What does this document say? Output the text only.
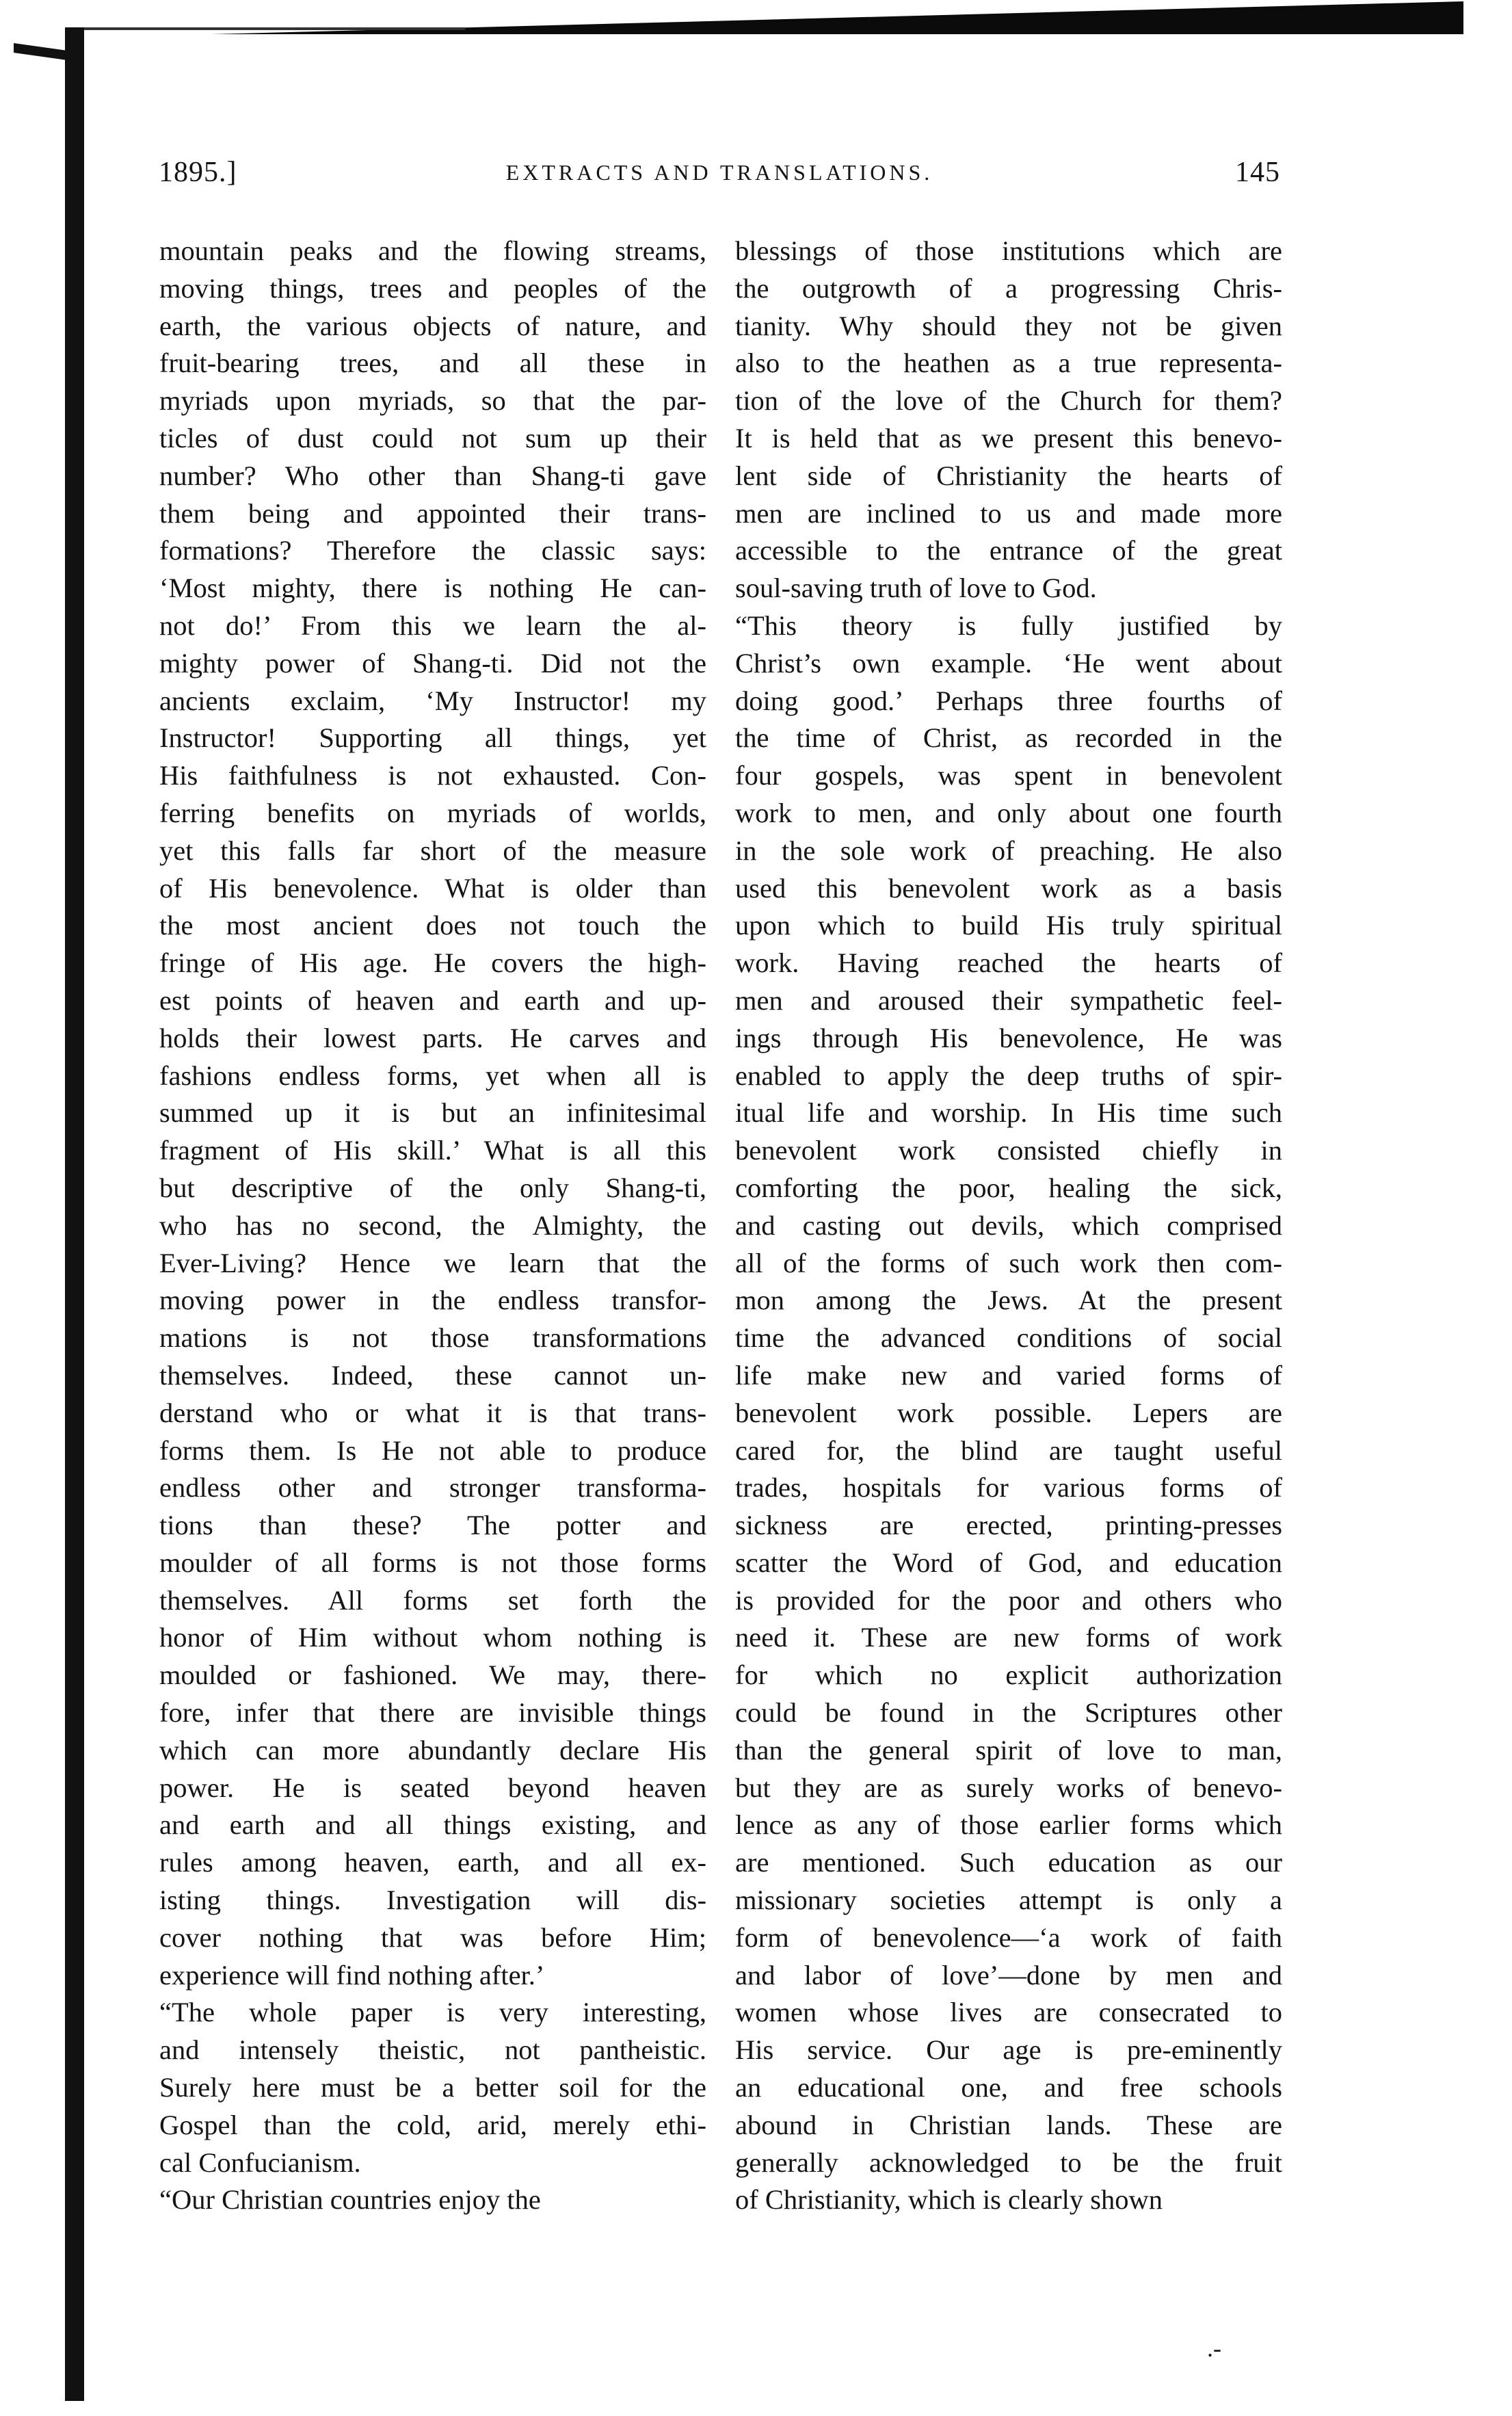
1895.]	EXTRACTS AND TRANSLATIONS.	145
mountain peaks and the flowing streams,
moving things, trees and peoples of the
earth, the various objects of nature, and
fruit-bearing trees, and all these in
myriads upon myriads, so that the par-
ticles of dust could not sum up their
number? Who other than Shang-ti gave
them being and appointed their trans-
formations? Therefore the classic says:
‘Most mighty, there is nothing He can-
not do!’ From this we learn the al-
mighty power of Shang-ti. Did not the
ancients exclaim, ‘My Instructor! my
Instructor! Supporting all things, yet
His faithfulness is not exhausted. Con-
ferring benefits on myriads of worlds,
yet this falls far short of the measure
of His benevolence. What is older than
the most ancient does not touch the
fringe of His age. He covers the high-
est points of heaven and earth and up-
holds their lowest parts. He carves and
fashions endless forms, yet when all is
summed up it is but an infinitesimal
fragment of His skill.’ What is all this
but descriptive of the only Shang-ti,
who has no second, the Almighty, the
Ever-Living? Hence we learn that the
moving power in the endless transfor-
mations is not those transformations
themselves. Indeed, these cannot un-
derstand who or what it is that trans-
forms them. Is He not able to produce
endless other and stronger transforma-
tions than these? The potter and
moulder of all forms is not those forms
themselves. All forms set forth the
honor of Him without whom nothing is
moulded or fashioned. We may, there-
fore, infer that there are invisible things
which can more abundantly declare His
power. He is seated beyond heaven
and earth and all things existing, and
rules among heaven, earth, and all ex-
isting things. Investigation will dis-
cover nothing that was before Him;
experience will find nothing after.’
“The whole paper is very interesting,
and intensely theistic, not pantheistic.
Surely here must be a better soil for the
Gospel than the cold, arid, merely ethi-
cal Confucianism.
“Our Christian countries enjoy the
blessings of those institutions which are
the outgrowth of a progressing Chris-
tianity. Why should they not be given
also to the heathen as a true representa-
tion of the love of the Church for them?
It is held that as we present this benevo-
lent side of Christianity the hearts of
men are inclined to us and made more
accessible to the entrance of the great
soul-saving truth of love to God.
“This theory is fully justified by
Christ’s own example. ‘He went about
doing good.’ Perhaps three fourths of
the time of Christ, as recorded in the
four gospels, was spent in benevolent
work to men, and only about one fourth
in the sole work of preaching. He also
used this benevolent work as a basis
upon which to build His truly spiritual
work. Having reached the hearts of
men and aroused their sympathetic feel-
ings through His benevolence, He was
enabled to apply the deep truths of spir-
itual life and worship. In His time such
benevolent work consisted chiefly in
comforting the poor, healing the sick,
and casting out devils, which comprised
all of the forms of such work then com-
mon among the Jews. At the present
time the advanced conditions of social
life make new and varied forms of
benevolent work possible. Lepers are
cared for, the blind are taught useful
trades, hospitals for various forms of
sickness are erected, printing-presses
scatter the Word of God, and education
is provided for the poor and others who
need it. These are new forms of work
for which no explicit authorization
could be found in the Scriptures other
than the general spirit of love to man,
but they are as surely works of benevo-
lence as any of those earlier forms which
are mentioned. Such education as our
missionary societies attempt is only a
form of benevolence—‘a work of faith
and labor of love’—done by men and
women whose lives are consecrated to
His service. Our age is pre-eminently
an educational one, and free schools
abound in Christian lands. These are
generally acknowledged to be the fruit
of Christianity, which is clearly shown
.-
